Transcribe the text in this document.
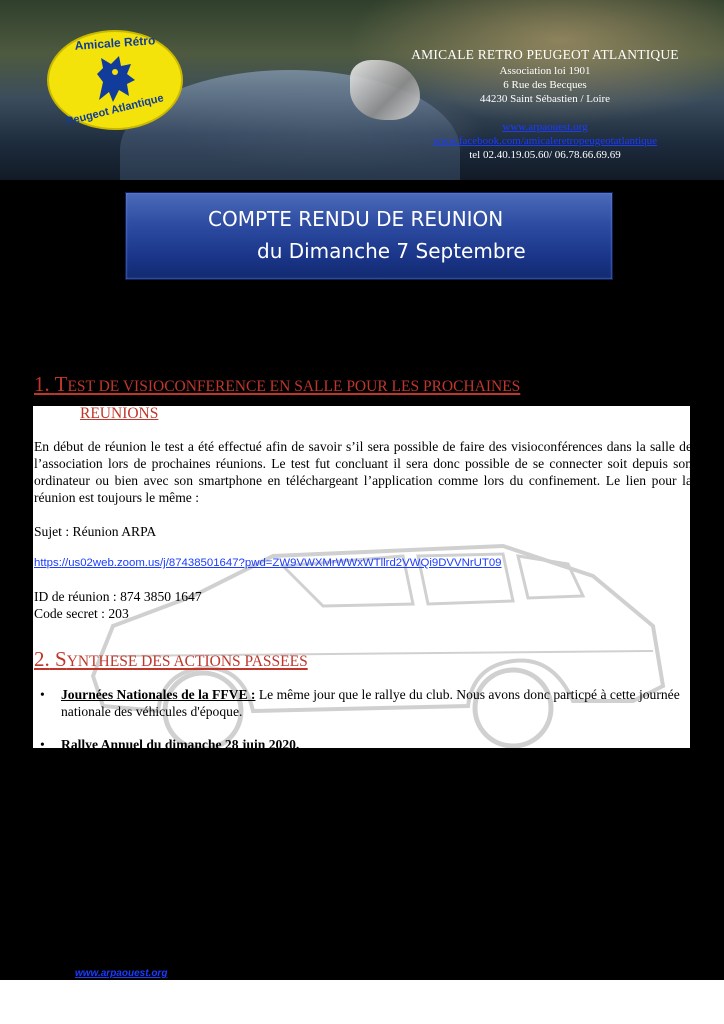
Amicale Rétro
Peugeot Atlantique
AMICALE RETRO PEUGEOT ATLANTIQUE
Association loi 1901
6 Rue des Becques
44230 Saint Sébastien / Loire
www.arpaouest.org
www.facebook.com/amicaleretropeugeotatlantique
tel 02.40.19.05.60/ 06.78.66.69.69
COMPTE RENDU DE REUNION
du Dimanche 7 Septembre
1. TEST DE VISIOCONFERENCE EN SALLE POUR LES PROCHAINES
REUNIONS
En début de réunion le test a été effectué afin de savoir s’il sera possible de faire des visioconférences dans la salle de l’association lors de prochaines réunions. Le test fut concluant il sera donc possible de se connecter soit depuis son ordinateur ou bien avec son smartphone en téléchargeant l’application comme lors du confinement. Le lien pour la réunion est toujours le même :
Sujet : Réunion ARPA
https://us02web.zoom.us/j/87438501647?pwd=ZW9VWXMrWWxWTllrd2VWQi9DVVNrUT09
ID de réunion : 874 3850 1647
Code secret : 203
2. SYNTHESE DES ACTIONS PASSEES
• Journées Nationales de la FFVE : Le même jour que le rallye du club. Nous avons donc particpé à cette journée nationale des véhicules d'époque.
• Rallye Annuel du dimanche 28 juin 2020.
www.arpaouest.org
